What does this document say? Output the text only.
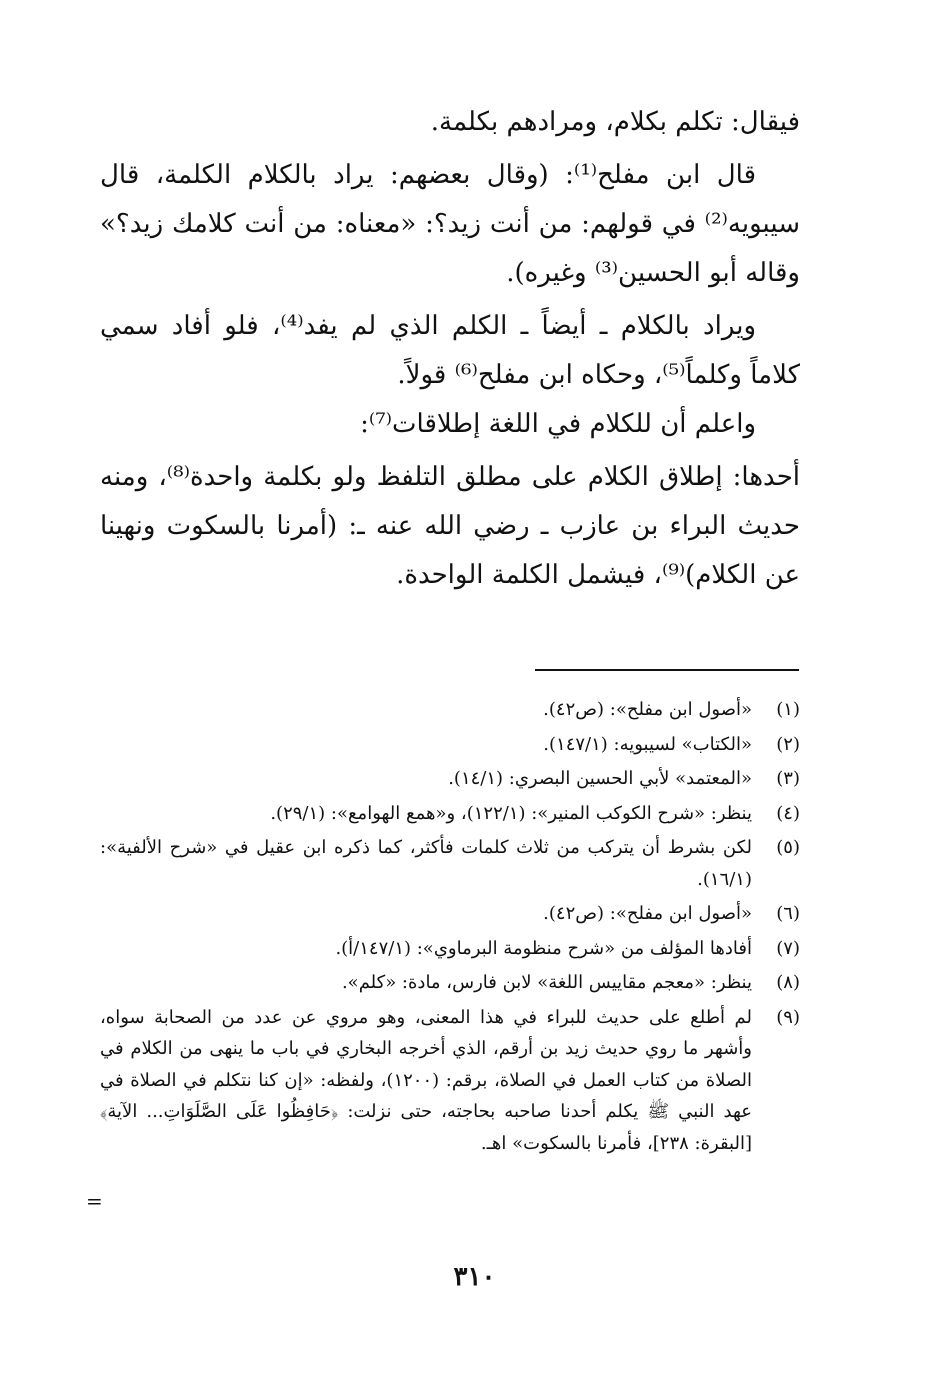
فيقال: تكلم بكلام، ومرادهم بكلمة.

قال ابن مفلح⁽¹⁾: (وقال بعضهم: يراد بالكلام الكلمة، قال سيبويه⁽²⁾ في قولهم: من أنت زيد؟: «معناه: من أنت كلامك زيد؟» وقاله أبو الحسين⁽³⁾ وغيره).

ويراد بالكلام ـ أيضاً ـ الكلم الذي لم يفد⁽⁴⁾، فلو أفاد سمي كلاماً وكلماً⁽⁵⁾، وحكاه ابن مفلح⁽⁶⁾ قولاً.

واعلم أن للكلام في اللغة إطلاقات⁽⁷⁾:

أحدها: إطلاق الكلام على مطلق التلفظ ولو بكلمة واحدة⁽⁸⁾، ومنه حديث البراء بن عازب ـ رضي الله عنه ـ: (أمرنا بالسكوت ونهينا عن الكلام)⁽⁹⁾، فيشمل الكلمة الواحدة.

(١)
«أصول ابن مفلح»: (ص٤٢).
(٢)
«الكتاب» لسيبويه: (١٤٧/١).
(٣)
«المعتمد» لأبي الحسين البصري: (١٤/١).
(٤)
ينظر: «شرح الكوكب المنير»: (١٢٢/١)، و«همع الهوامع»: (٢٩/١).
(٥)
لكن بشرط أن يتركب من ثلاث كلمات فأكثر، كما ذكره ابن عقيل في «شرح الألفية»: (١٦/١).
(٦)
«أصول ابن مفلح»: (ص٤٢).
(٧)
أفادها المؤلف من «شرح منظومة البرماوي»: (١٤٧/١/أ).
(٨)
ينظر: «معجم مقاييس اللغة» لابن فارس، مادة: «كلم».
(٩)
لم أطلع على حديث للبراء في هذا المعنى، وهو مروي عن عدد من الصحابة سواه، وأشهر ما روي حديث زيد بن أرقم، الذي أخرجه البخاري في باب ما ينهى من الكلام في الصلاة من كتاب العمل في الصلاة، برقم: (١٢٠٠)، ولفظه: «إن كنا نتكلم في الصلاة في عهد النبي ﷺ يكلم أحدنا صاحبه بحاجته، حتى نزلت: ﴿حَافِظُوا عَلَى الصَّلَوَاتِ... الآية﴾ [البقرة: ٢٣٨]، فأمرنا بالسكوت» اهـ.
=
٣١٠
